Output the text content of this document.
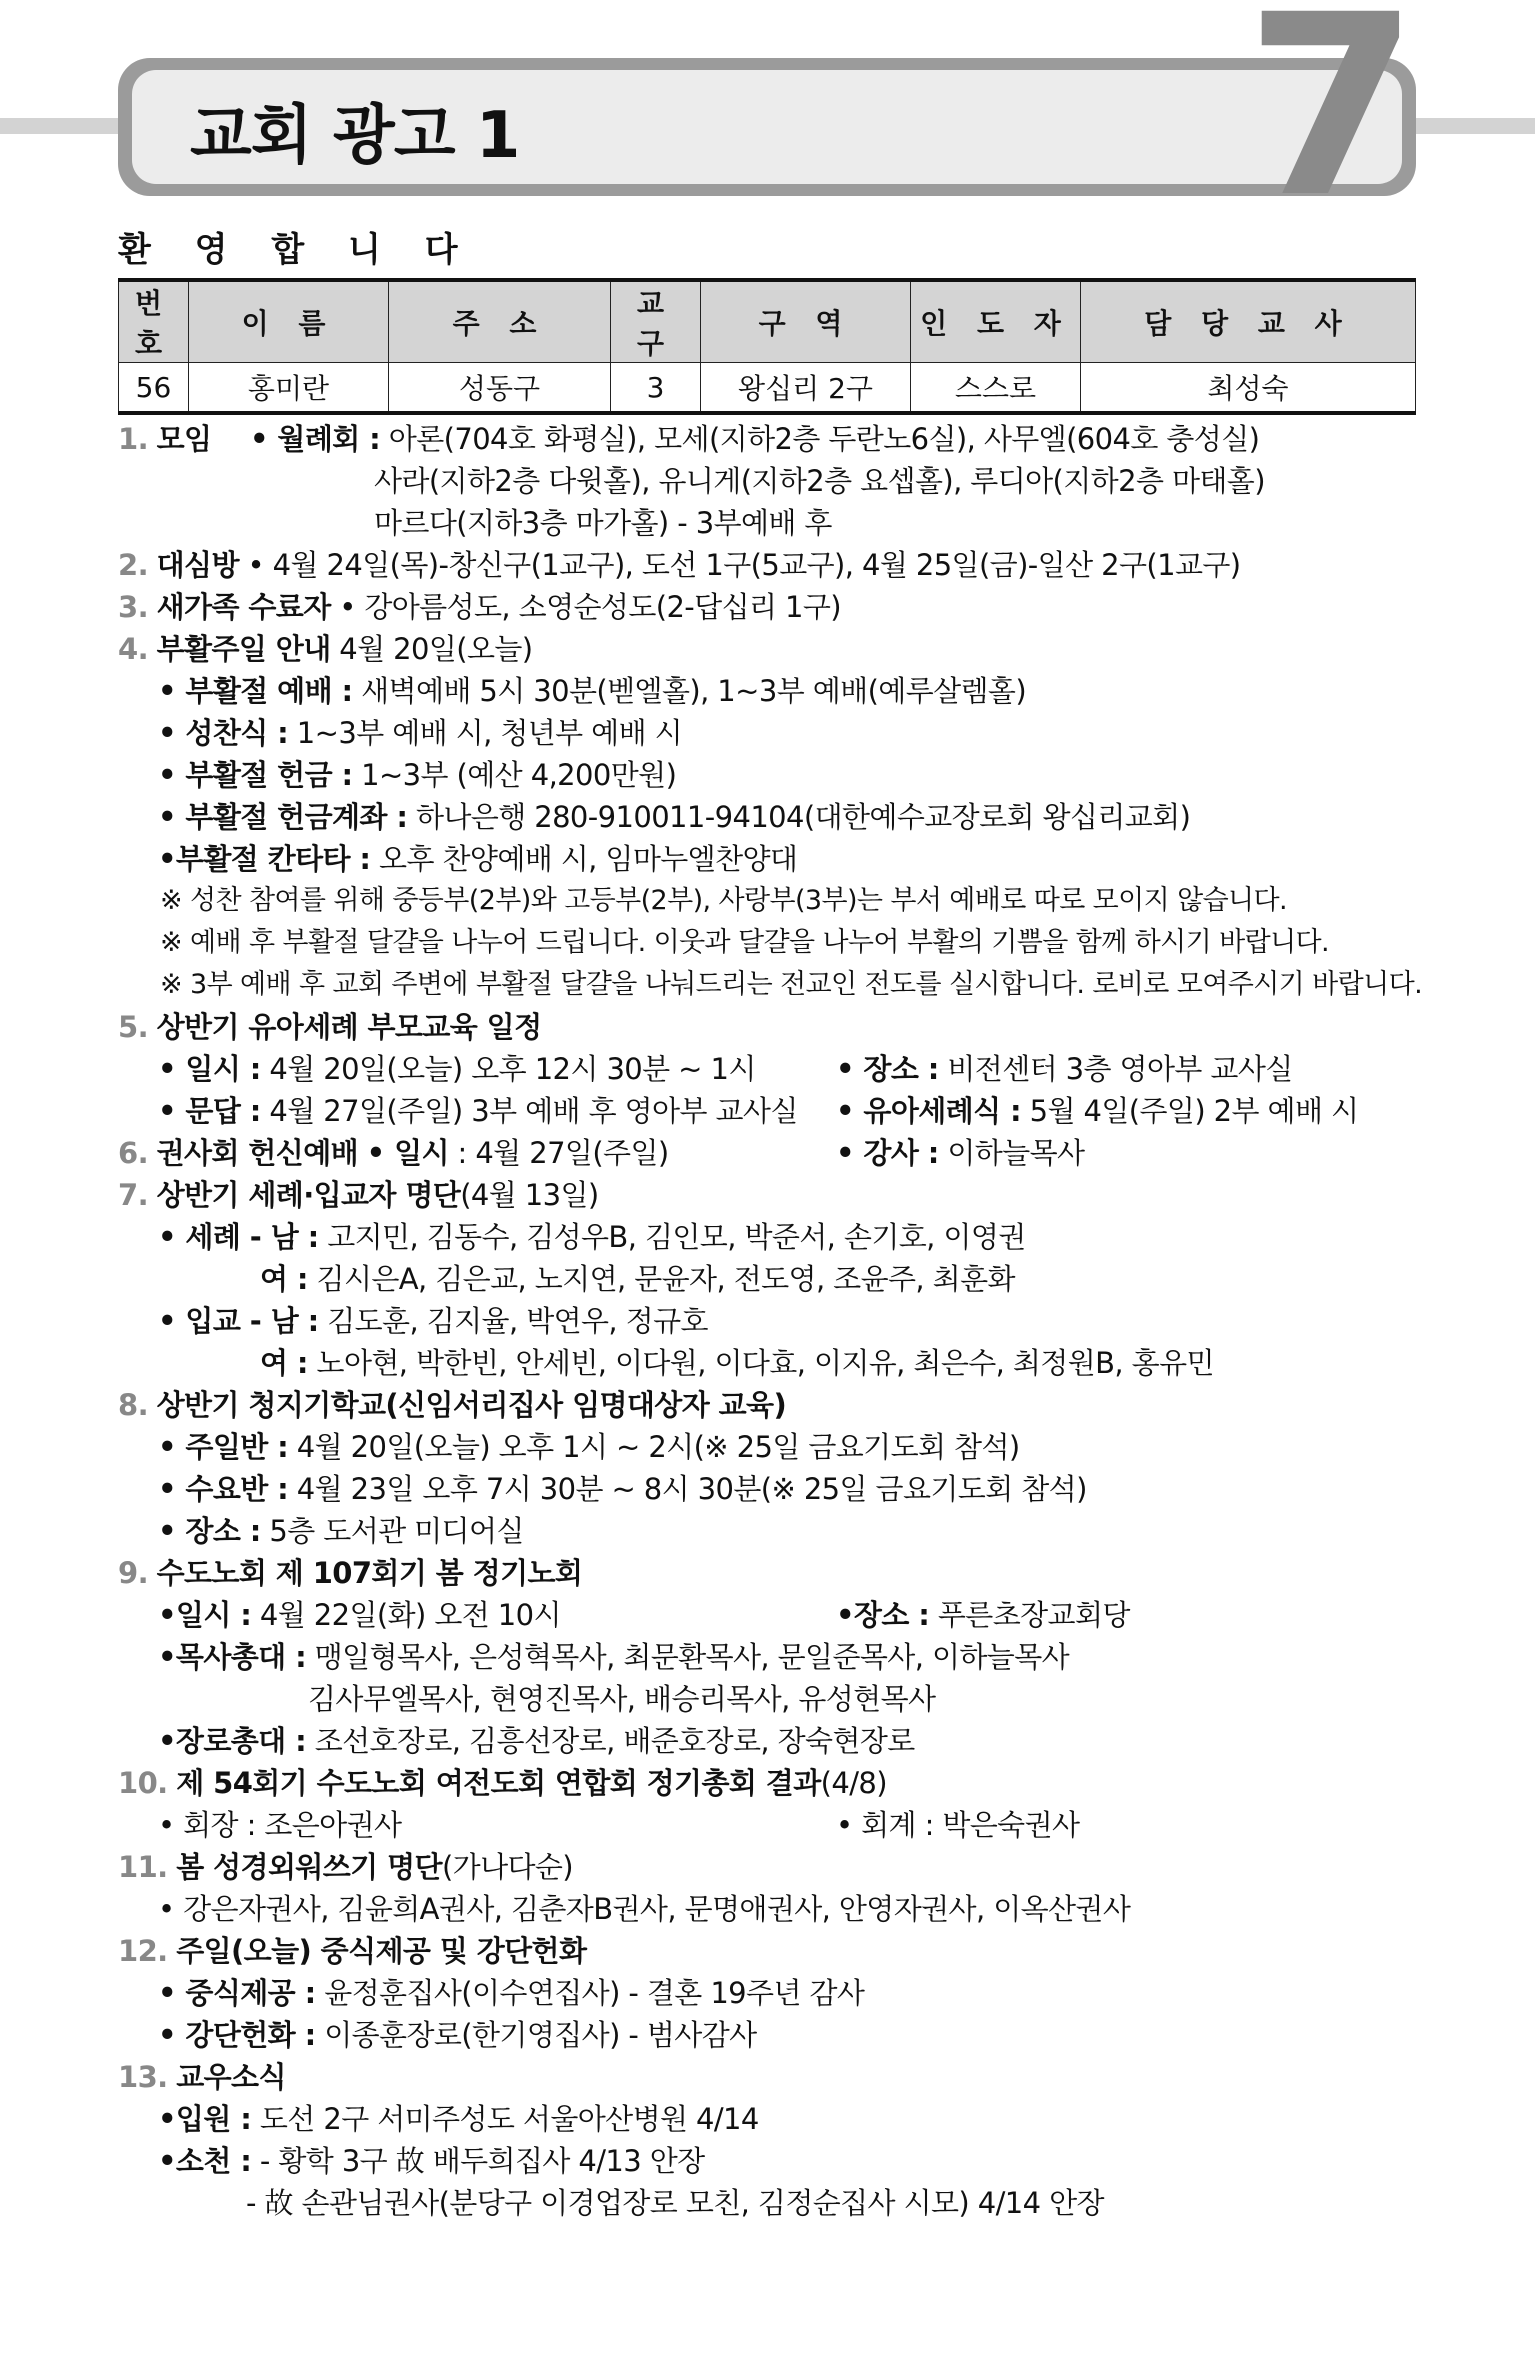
7
교회 광고 1
환 영 합 니 다
번호	이 름	주 소	교 구	구 역	인 도 자	담 당 교 사
56	홍미란	성동구	3	왕십리 2구	스스로	최성숙
1. 모임 • 월례회 : 아론(704호 화평실), 모세(지하2층 두란노6실), 사무엘(604호 충성실)
사라(지하2층 다윗홀), 유니게(지하2층 요셉홀), 루디아(지하2층 마태홀)
마르다(지하3층 마가홀) - 3부예배 후
2. 대심방 • 4월 24일(목)-창신구(1교구), 도선 1구(5교구), 4월 25일(금)-일산 2구(1교구)
3. 새가족 수료자 • 강아름성도, 소영순성도(2-답십리 1구)
4. 부활주일 안내 4월 20일(오늘)
• 부활절 예배 : 새벽예배 5시 30분(벧엘홀), 1~3부 예배(예루살렘홀)
• 성찬식 : 1~3부 예배 시, 청년부 예배 시
• 부활절 헌금 : 1~3부 (예산 4,200만원)
• 부활절 헌금계좌 : 하나은행 280-910011-94104(대한예수교장로회 왕십리교회)
•부활절 칸타타 : 오후 찬양예배 시, 임마누엘찬양대
※ 성찬 참여를 위해 중등부(2부)와 고등부(2부), 사랑부(3부)는 부서 예배로 따로 모이지 않습니다.
※ 예배 후 부활절 달걀을 나누어 드립니다. 이웃과 달걀을 나누어 부활의 기쁨을 함께 하시기 바랍니다.
※ 3부 예배 후 교회 주변에 부활절 달걀을 나눠드리는 전교인 전도를 실시합니다. 로비로 모여주시기 바랍니다.
5. 상반기 유아세례 부모교육 일정
• 일시 : 4월 20일(오늘) 오후 12시 30분 ~ 1시	• 장소 : 비전센터 3층 영아부 교사실
• 문답 : 4월 27일(주일) 3부 예배 후 영아부 교사실 • 유아세례식 : 5월 4일(주일) 2부 예배 시
6. 권사회 헌신예배 • 일시 : 4월 27일(주일)	• 강사 : 이하늘목사
7. 상반기 세례·입교자 명단(4월 13일)
• 세례 - 남 : 고지민, 김동수, 김성우B, 김인모, 박준서, 손기호, 이영권
여 : 김시은A, 김은교, 노지연, 문윤자, 전도영, 조윤주, 최훈화
• 입교 - 남 : 김도훈, 김지율, 박연우, 정규호
여 : 노아현, 박한빈, 안세빈, 이다원, 이다효, 이지유, 최은수, 최정원B, 홍유민
8. 상반기 청지기학교(신임서리집사 임명대상자 교육)
• 주일반 : 4월 20일(오늘) 오후 1시 ~ 2시(※ 25일 금요기도회 참석)
• 수요반 : 4월 23일 오후 7시 30분 ~ 8시 30분(※ 25일 금요기도회 참석)
• 장소 : 5층 도서관 미디어실
9. 수도노회 제 107회기 봄 정기노회
•일시 : 4월 22일(화) 오전 10시	•장소 : 푸른초장교회당
•목사총대 : 맹일형목사, 은성혁목사, 최문환목사, 문일준목사, 이하늘목사
김사무엘목사, 현영진목사, 배승리목사, 유성현목사
•장로총대 : 조선호장로, 김흥선장로, 배준호장로, 장숙현장로
10. 제 54회기 수도노회 여전도회 연합회 정기총회 결과(4/8)
• 회장 : 조은아권사	• 회계 : 박은숙권사
11. 봄 성경외워쓰기 명단(가나다순)
• 강은자권사, 김윤희A권사, 김춘자B권사, 문명애권사, 안영자권사, 이옥산권사
12. 주일(오늘) 중식제공 및 강단헌화
• 중식제공 : 윤정훈집사(이수연집사) - 결혼 19주년 감사
• 강단헌화 : 이종훈장로(한기영집사) - 범사감사
13. 교우소식
•입원 : 도선 2구 서미주성도 서울아산병원 4/14
•소천 : - 황학 3구 故 배두희집사 4/13 안장
- 故 손관님권사(분당구 이경업장로 모친, 김정순집사 시모) 4/14 안장
